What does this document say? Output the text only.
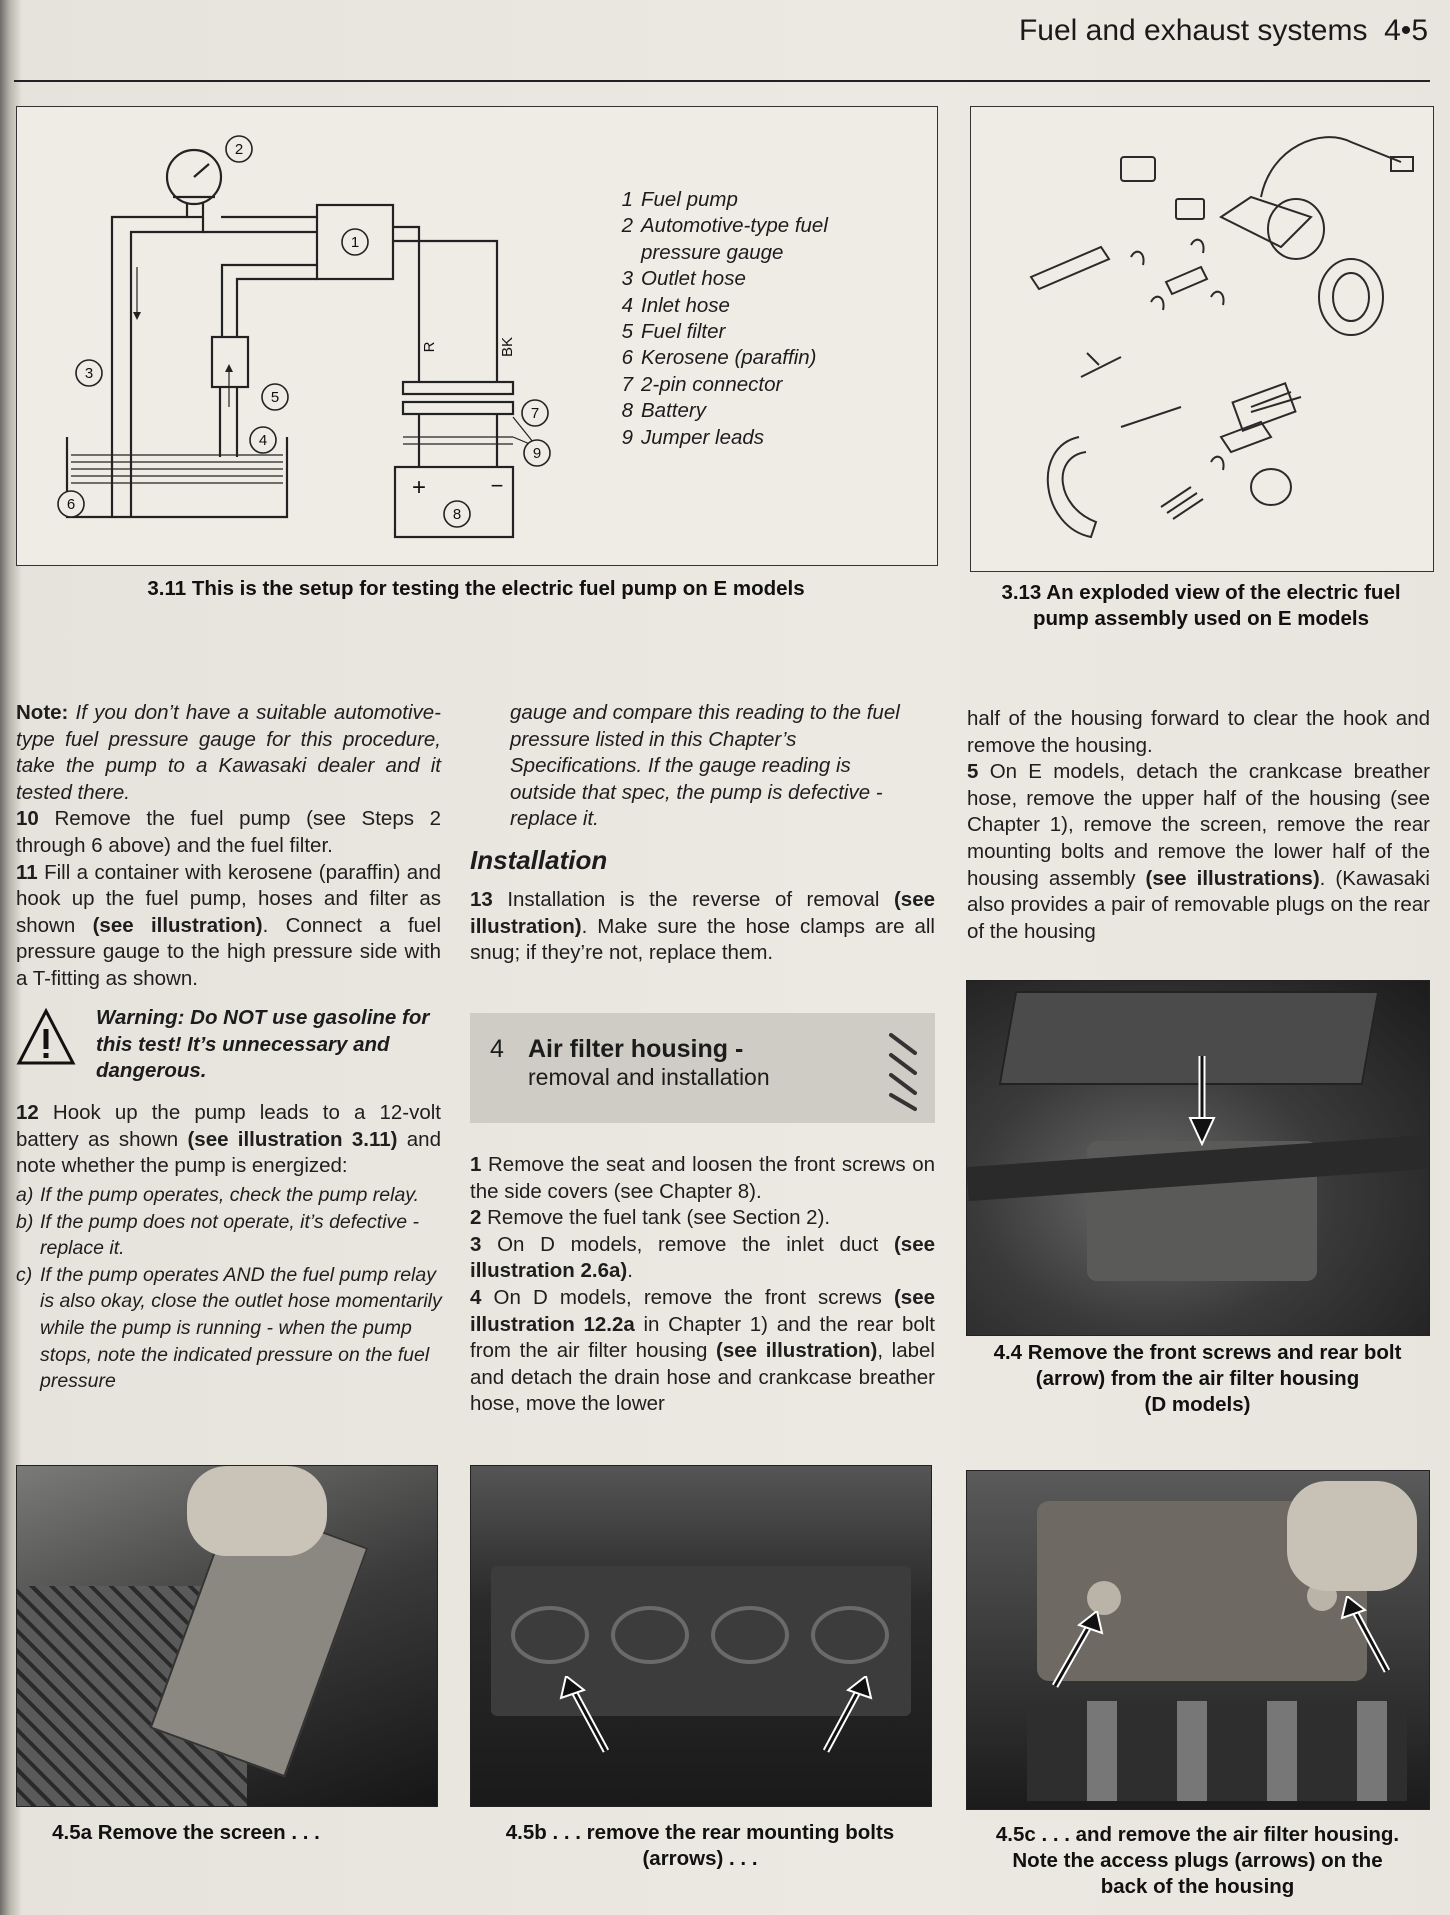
Fuel and exhaust systems 4•5
2
1
3
5
4
6
7
9
8
R	BK
+	−
1 Fuel pump
2 Automotive-type fuel
pressure gauge
3 Outlet hose
4 Inlet hose
5 Fuel filter
6 Kerosene (paraffin)
7 2-pin connector
8 Battery
9 Jumper leads
3.11 This is the setup for testing the electric fuel pump on E models	3.13 An exploded view of the electric fuel
pump assembly used on E models

Note: If you don’t have a suitable automotive-type fuel pressure gauge for this procedure, take the pump to a Kawasaki dealer and it tested there.

10 Remove the fuel pump (see Steps 2 through 6 above) and the fuel filter.

11 Fill a container with kerosene (paraffin) and hook up the fuel pump, hoses and filter as shown (see illustration). Connect a fuel pressure gauge to the high pressure side with a T-fitting as shown.

Warning: Do NOT use gasoline for this test! It’s unnecessary and dangerous.

12 Hook up the pump leads to a 12-volt battery as shown (see illustration 3.11) and note whether the pump is energized:

a) If the pump operates, check the pump relay.
b) If the pump does not operate, it’s defective - replace it.
c) If the pump operates AND the fuel pump relay is also okay, close the outlet hose momentarily while the pump is running - when the pump stops, note the indicated pressure on the fuel pressure

gauge and compare this reading to the fuel pressure listed in this Chapter’s Specifications. If the gauge reading is outside that spec, the pump is defective - replace it.

Installation

13 Installation is the reverse of removal (see illustration). Make sure the hose clamps are all snug; if they’re not, replace them.

4 Air filter housing -
removal and installation

1 Remove the seat and loosen the front screws on the side covers (see Chapter 8).

2 Remove the fuel tank (see Section 2).

3 On D models, remove the inlet duct (see illustration 2.6a).

4 On D models, remove the front screws (see illustration 12.2a in Chapter 1) and the rear bolt from the air filter housing (see illustration), label and detach the drain hose and crankcase breather hose, move the lower

half of the housing forward to clear the hook and remove the housing.

5 On E models, detach the crankcase breather hose, remove the upper half of the housing (see Chapter 1), remove the screen, remove the rear mounting bolts and remove the lower half of the housing assembly (see illustrations). (Kawasaki also provides a pair of removable plugs on the rear of the housing

4.4 Remove the front screws and rear bolt
(arrow) from the air filter housing
(D models)
4.5a Remove the screen . . .	4.5b . . . remove the rear mounting bolts
(arrows) . . .
4.5c . . . and remove the air filter housing.
Note the access plugs (arrows) on the
back of the housing
